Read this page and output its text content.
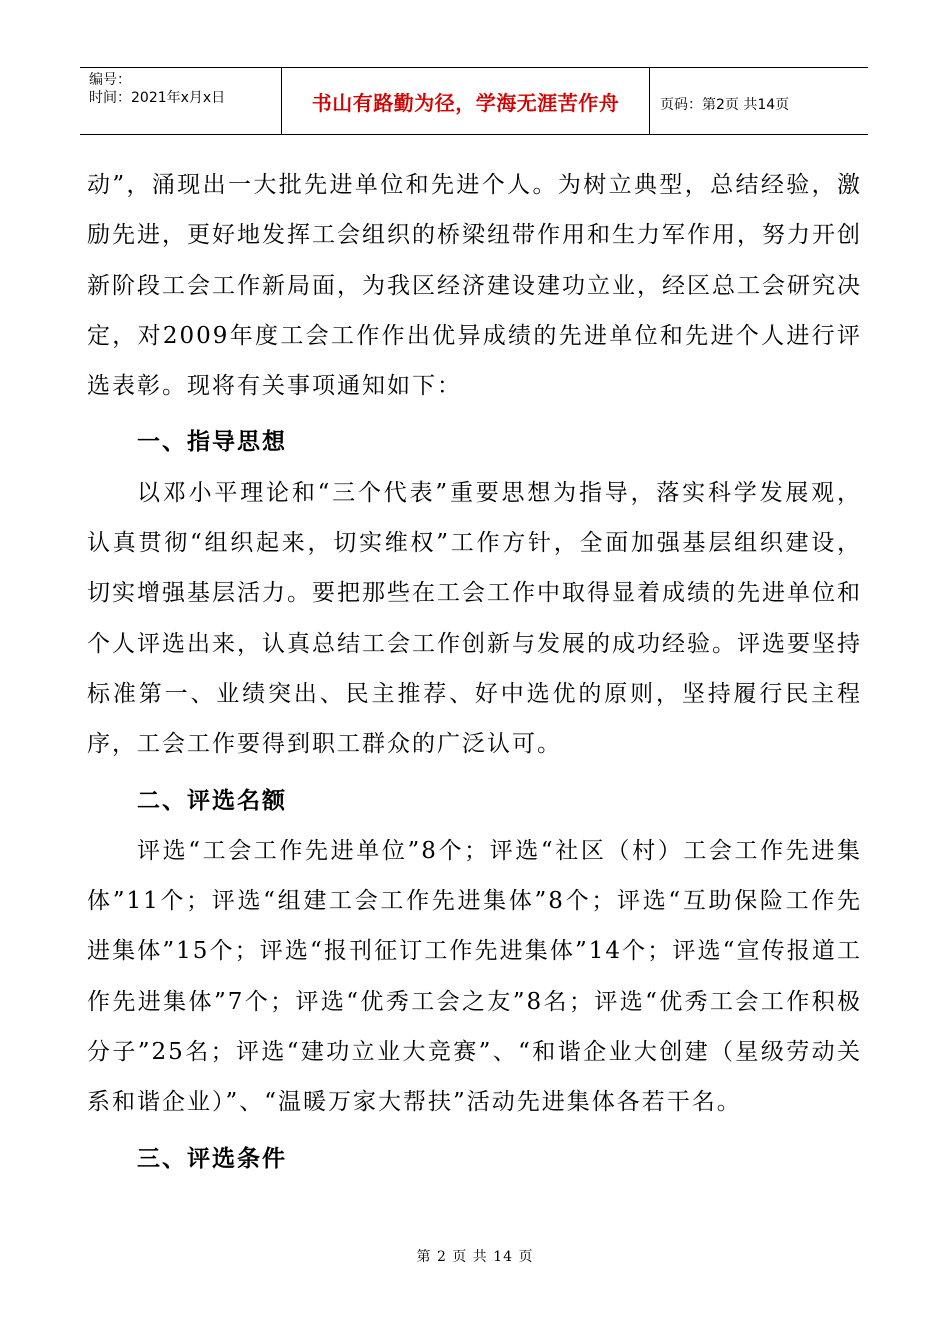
编号：
时间：2021年x月x日	书山有路勤为径，学海无涯苦作舟	页码：第2页 共14页

动”，涌现出一大批先进单位和先进个人。为树立典型，总结经验，激励先进，更好地发挥工会组织的桥梁纽带作用和生力军作用，努力开创新阶段工会工作新局面，为我区经济建设建功立业，经区总工会研究决定，对2009年度工会工作作出优异成绩的先进单位和先进个人进行评选表彰。现将有关事项通知如下：

一、指导思想

以邓小平理论和“三个代表”重要思想为指导，落实科学发展观，认真贯彻“组织起来，切实维权”工作方针，全面加强基层组织建设，切实增强基层活力。要把那些在工会工作中取得显着成绩的先进单位和个人评选出来，认真总结工会工作创新与发展的成功经验。评选要坚持标准第一、业绩突出、民主推荐、好中选优的原则，坚持履行民主程序，工会工作要得到职工群众的广泛认可。

二、评选名额

评选“工会工作先进单位”8个；评选“社区（村）工会工作先进集体”11个；评选“组建工会工作先进集体”8个；评选“互助保险工作先进集体”15个；评选“报刊征订工作先进集体”14个；评选“宣传报道工作先进集体”7个；评选“优秀工会之友”8名；评选“优秀工会工作积极分子”25名；评选“建功立业大竞赛”、“和谐企业大创建（星级劳动关系和谐企业）”、“温暖万家大帮扶”活动先进集体各若干名。

三、评选条件
第 2 页 共 14 页
